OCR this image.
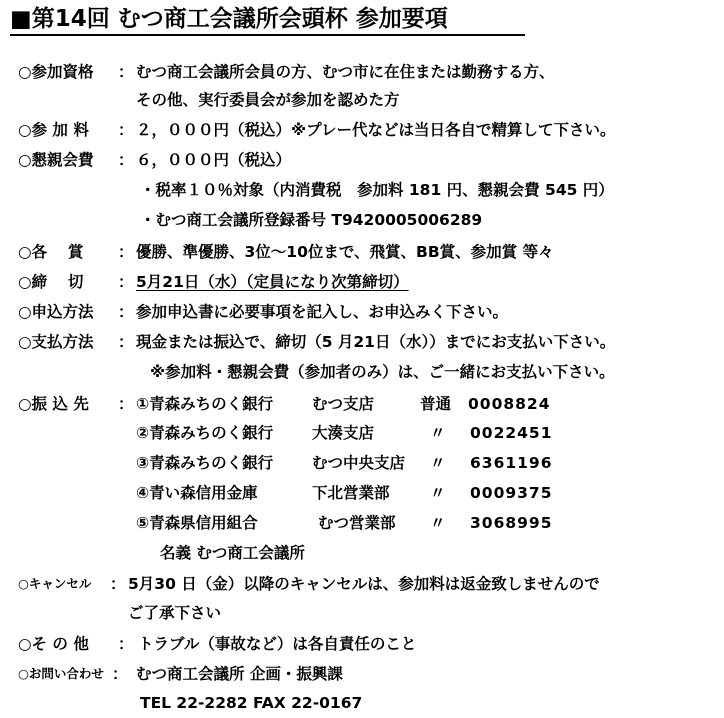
■第14回 むつ商工会議所会頭杯 参加要項
○参加資格 ： むつ商工会議所会員の方、むつ市に在住または勤務する方、
その他、実行委員会が参加を認めた方
○参 加 料 ： ２，０００円（税込）※プレー代などは当日各自で精算して下さい。
○懇親会費 ： ６，０００円（税込）
・税率１０％対象（内消費税　参加料 181 円、懇親会費 545 円）
・むつ商工会議所登録番号 T9420005006289
○各　 賞 ： 優勝、準優勝、3位～10位まで、飛賞、BB賞、参加賞 等々
○締　 切 ： 5月21日（水）（定員になり次第締切）
○申込方法 ： 参加申込書に必要事項を記入し、お申込みく下さい。
○支払方法 ： 現金または振込で、締切（5 月21日（水））までにお支払い下さい。
※参加料・懇親会費（参加者のみ）は、ご一緒にお支払い下さい。
○振 込 先 ： ①青森みちのく銀行	むつ支店	普通 0008824
②青森みちのく銀行	大湊支店	〃 0022451
③青森みちのく銀行	むつ中央支店 〃 6361196
④青い森信用金庫	下北営業部	〃 0009375
⑤青森県信用組合	むつ営業部 〃 3068995
名義 むつ商工会議所
○キャンセル ： 5月30 日（金）以降のキャンセルは、参加料は返金致しませんので
ご了承下さい
○そ の 他 ： トラブル（事故など）は各自責任のこと
○お問い合わせ ： むつ商工会議所 企画・振興課
TEL 22-2282 FAX 22-0167
